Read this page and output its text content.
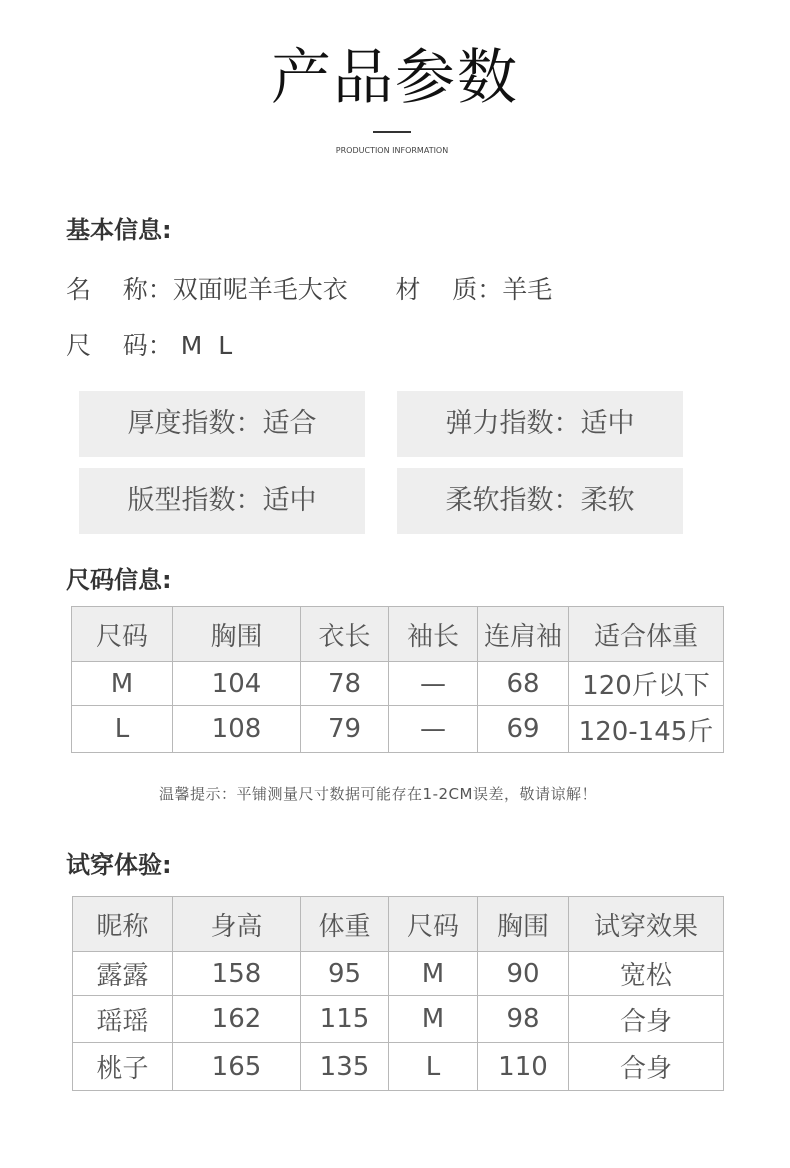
产品参数
PRODUCTION INFORMATION
基本信息:
名    称：双面呢羊毛大衣      材    质：羊毛
尺    码： M  L
厚度指数：适合	弹力指数：适中
版型指数：适中	柔软指数：柔软
尺码信息:
尺码	胸围	衣长	袖长	连肩袖	适合体重
M	104	78	—	68	120斤以下
L	108	79	—	69	120-145斤
温馨提示：平铺测量尺寸数据可能存在1-2CM误差，敬请谅解！
试穿体验:
昵称	身高	体重	尺码	胸围	试穿效果
露露	158	95	M	90	宽松
瑶瑶	162	115	M	98	合身
桃子	165	135	L	110	合身
